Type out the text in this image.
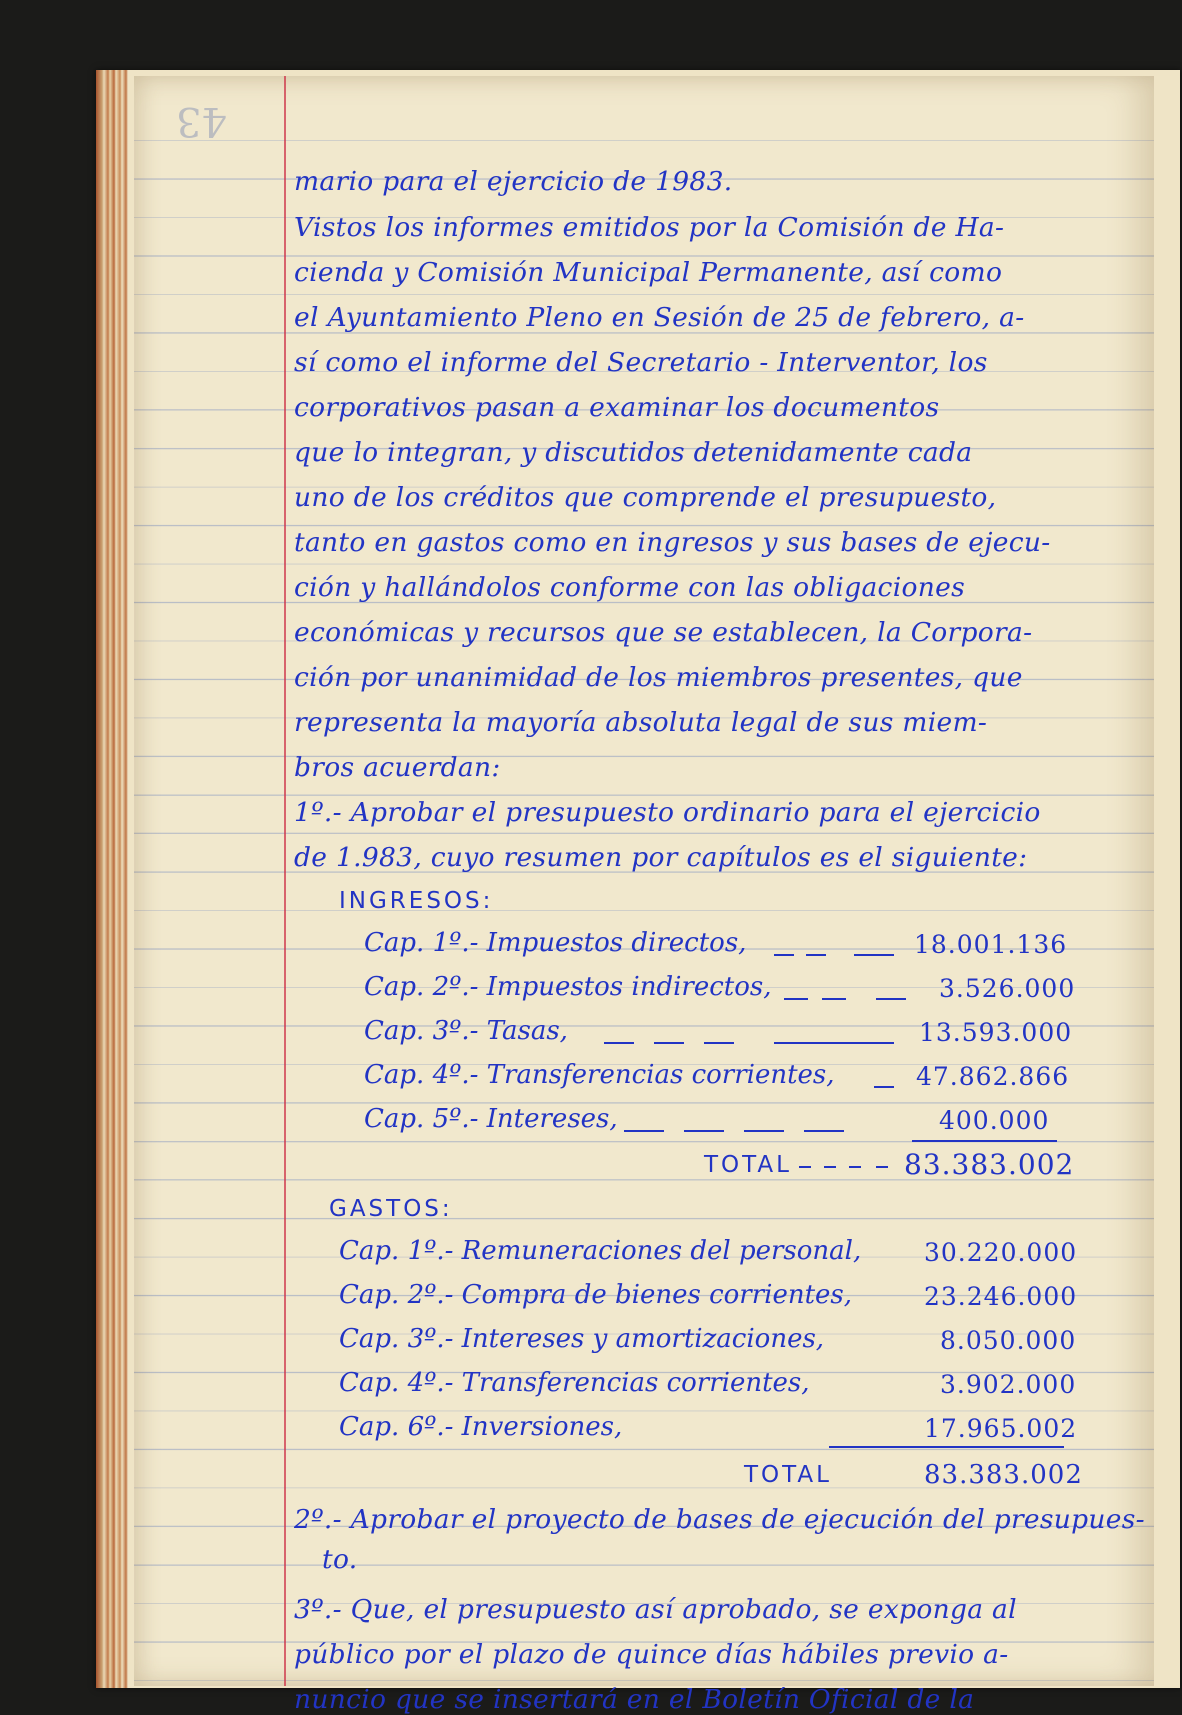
43
mario para el ejercicio de 1983.
Vistos los informes emitidos por la Comisión de Ha-
cienda y Comisión Municipal Permanente, así como
el Ayuntamiento Pleno en Sesión de 25 de febrero, a-
sí como el informe del Secretario - Interventor, los
corporativos pasan a examinar los documentos
que lo integran, y discutidos detenidamente cada
uno de los créditos que comprende el presupuesto,
tanto en gastos como en ingresos y sus bases de ejecu-
ción y hallándolos conforme con las obligaciones
económicas y recursos que se establecen, la Corpora-
ción por unanimidad de los miembros presentes, que
representa la mayoría absoluta legal de sus miem-
bros acuerdan:
1º.- Aprobar el presupuesto ordinario para el ejercicio
de 1.983, cuyo resumen por capítulos es el siguiente:
INGRESOS:
Cap. 1º.- Impuestos directos,	18.001.136
Cap. 2º.- Impuestos indirectos,	3.526.000
Cap. 3º.- Tasas,	13.593.000
Cap. 4º.- Transferencias corrientes,	47.862.866
Cap. 5º.- Intereses,	400.000
TOTAL	83.383.002
GASTOS:
Cap. 1º.- Remuneraciones del personal,	30.220.000
Cap. 2º.- Compra de bienes corrientes,	23.246.000
Cap. 3º.- Intereses y amortizaciones,	8.050.000
Cap. 4º.- Transferencias corrientes,	3.902.000
Cap. 6º.- Inversiones,	17.965.002
TOTAL	83.383.002
2º.- Aprobar el proyecto de bases de ejecución del presupues-
to.
3º.- Que, el presupuesto así aprobado, se exponga al
público por el plazo de quince días hábiles previo a-
nuncio que se insertará en el Boletín Oficial de la
